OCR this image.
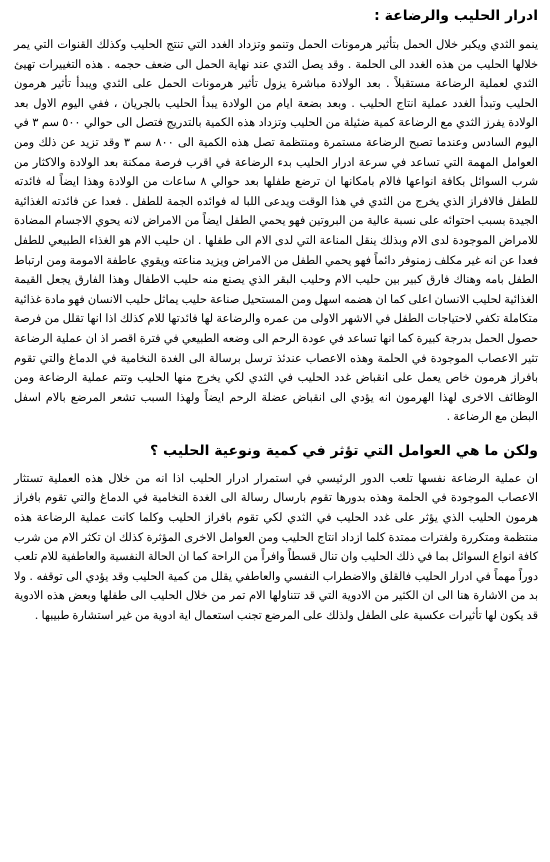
ادرار الحليب والرضاعة :

ينمو الثدي ويكبر خلال الحمل بتأثير هرمونات الحمل وتنمو وتزداد الغدد التي تنتج الحليب وكذلك القنوات التي يمر خلالها الحليب من هذه الغدد الى الحلمة . وقد يصل الثدي عند نهاية الحمل الى ضعف حجمه . هذه التغييرات تهيئ الثدي لعملية الرضاعة مستقبلاً . بعد الولادة مباشرة يزول تأثير هرمونات الحمل على الثدي ويبدأ تأثير هرمون الحليب وتبدأ الغدد عملية انتاج الحليب . وبعد بضعة ايام من الولادة يبدأ الحليب بالجريان ، ففي اليوم الاول بعد الولادة يفرز الثدي مع الرضاعة كمية ضئيلة من الحليب وتزداد هذه الكمية بالتدريج فتصل الى حوالي ٥٠٠ سم ٣ في اليوم السادس وعندما تصبح الرضاعة مستمرة ومنتظمة تصل هذه الكمية الى ٨٠٠ سم ٣ وقد تزيد عن ذلك ومن العوامل المهمة التي تساعد في سرعة ادرار الحليب بدء الرضاعة في اقرب فرصة ممكنة بعد الولادة والاكثار من شرب السوائل بكافة انواعها فالام بامكانها ان ترضع طفلها بعد حوالي ٨ ساعات من الولادة وهذا ايضاً له فائدته للطفل فالافراز الذي يخرج من الثدي في هذا الوقت ويدعى اللبا له فوائده الجمة للطفل . فعدا عن فائدته الغذائية الجيدة بسبب احتوائه على نسبة عالية من البروتين فهو يحمي الطفل ايضاً من الامراض لانه يحوي الاجسام المضادة للامراض الموجودة لدى الام وبذلك ينقل المناعة التي لدى الام الى طفلها . ان حليب الام هو الغذاء الطبيعي للطفل فعدا عن انه غير مكلف زمنوفر دائماً فهو يحمي الطفل من الامراض ويزيد مناعته ويقوي عاطفة الامومة ومن ارتباط الطفل بامه وهناك فارق كبير بين حليب الام وحليب البقر الذي يصنع منه حليب الاطفال وهذا الفارق يجعل القيمة الغذائية لحليب الانسان اعلى كما ان هضمه اسهل ومن المستحيل صناعة حليب يماثل حليب الانسان فهو مادة غذائية متكاملة تكفي لاحتياجات الطفل في الاشهر الاولى من عمره والرضاعة لها فائدتها للام كذلك اذا انها تقلل من فرصة حصول الحمل بدرجة كبيرة كما انها تساعد في عودة الرحم الى وضعه الطبيعي في فترة اقصر اذ ان عملية الرضاعة تثير الاعصاب الموجودة في الحلمة وهذه الاعصاب عندئذ ترسل برسالة الى الغدة النخامية في الدماغ والتي تقوم بافراز هرمون خاص يعمل على انقباض غدد الحليب في الثدي لكي يخرج منها الحليب وتتم عملية الرضاعة ومن الوظائف الاخرى لهذا الهرمون انه يؤدي الى انقباض عضلة الرحم ايضاً ولهذا السبب تشعر المرضع بالام اسفل البطن مع الرضاعة .

ولكن ما هي العوامل التي تؤثر في كمية ونوعية الحليب ؟

ان عملية الرضاعة نفسها تلعب الدور الرئيسي في استمرار ادرار الحليب اذا انه من خلال هذه العملية تستثار الاعصاب الموجودة في الحلمة وهذه بدورها تقوم بارسال رسالة الى الغدة النخامية في الدماغ والتي تقوم بافراز هرمون الحليب الذي يؤثر على غدد الحليب في الثدي لكي تقوم بافراز الحليب وكلما كانت عملية الرضاعة هذه منتظمة ومتكررة ولفترات ممتدة كلما ازداد انتاج الحليب ومن العوامل الاخرى المؤثرة كذلك ان تكثر الام من شرب كافة انواع السوائل بما في ذلك الحليب وان تنال قسطاً وافراً من الراحة كما ان الحالة النفسية والعاطفية للام تلعب دوراً مهماً في ادرار الحليب فالقلق والاضطراب النفسي والعاطفي يقلل من كمية الحليب وقد يؤدي الى توقفه . ولا بد من الاشارة هنا الى ان الكثير من الادوية التي قد تتناولها الام تمر من خلال الحليب الى طفلها وبعض هذه الادوية قد يكون لها تأثيرات عكسية على الطفل ولذلك على المرضع تجنب استعمال اية ادوية من غير استشارة طبيبها .
